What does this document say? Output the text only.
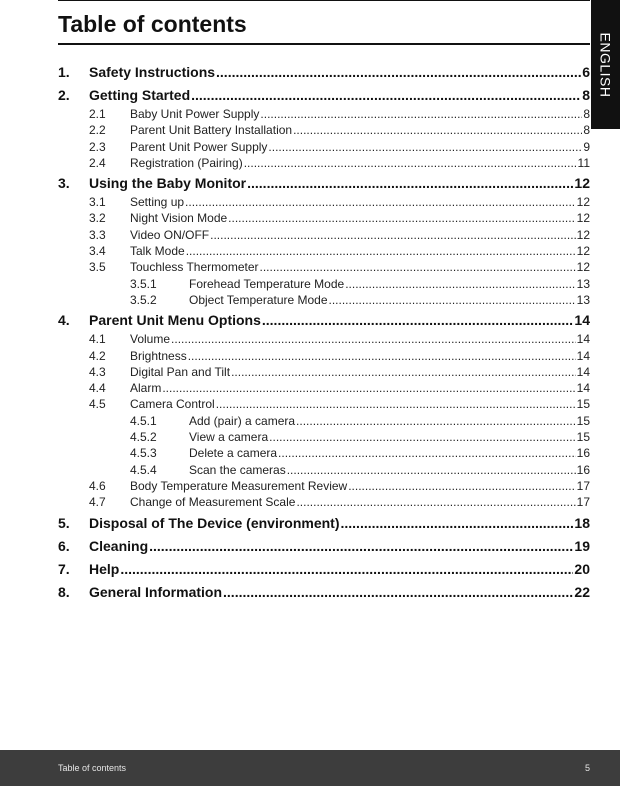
Table of contents
ENGLISH
1.	Safety Instructions .....	6
2.	Getting Started .....	8
2.1	Baby Unit Power Supply .....	8
2.2	Parent Unit Battery Installation .....	8
2.3	Parent Unit Power Supply .....	9
2.4	Registration (Pairing) .....	11
3.	Using the Baby Monitor .....	12
3.1	Setting up .....	12
3.2	Night Vision Mode .....	12
3.3	Video ON/OFF .....	12
3.4	Talk Mode .....	12
3.5	Touchless Thermometer .....	12
3.5.1	Forehead Temperature Mode .....	13
3.5.2	Object Temperature Mode .....	13
4.	Parent Unit Menu Options .....	14
4.1	Volume .....	14
4.2	Brightness .....	14
4.3	Digital Pan and Tilt .....	14
4.4	Alarm .....	14
4.5	Camera Control .....	15
4.5.1	Add (pair) a camera .....	15
4.5.2	View a camera .....	15
4.5.3	Delete a camera .....	16
4.5.4	Scan the cameras .....	16
4.6	Body Temperature Measurement Review .....	17
4.7	Change of Measurement Scale .....	17
5.	Disposal of The Device (environment) .....	18
6.	Cleaning .....	19
7.	Help .....	20
8.	General Information .....	22
Table of contents	5
